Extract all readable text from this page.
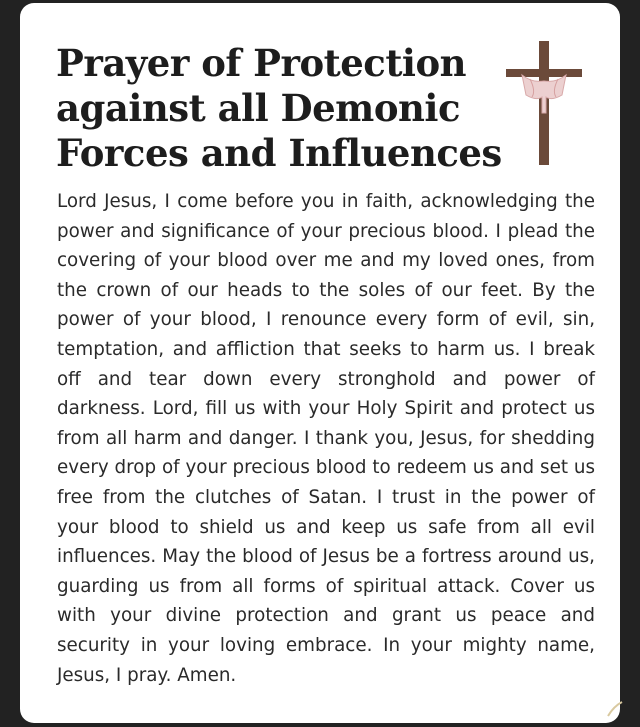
Prayer of Protection
against all Demonic
Forces and Influences

Lord Jesus, I come before you in faith, acknowledging the power and significance of your precious blood. I plead the covering of your blood over me and my loved ones, from the crown of our heads to the soles of our feet. By the power of your blood, I renounce every form of evil, sin, temptation, and affliction that seeks to harm us. I break off and tear down every stronghold and power of darkness. Lord, fill us with your Holy Spirit and protect us from all harm and danger. I thank you, Jesus, for shedding every drop of your precious blood to redeem us and set us free from the clutches of Satan. I trust in the power of your blood to shield us and keep us safe from all evil influences. May the blood of Jesus be a fortress around us, guarding us from all forms of spiritual attack. Cover us with your divine protection and grant us peace and security in your loving embrace. In your mighty name, Jesus, I pray. Amen.
